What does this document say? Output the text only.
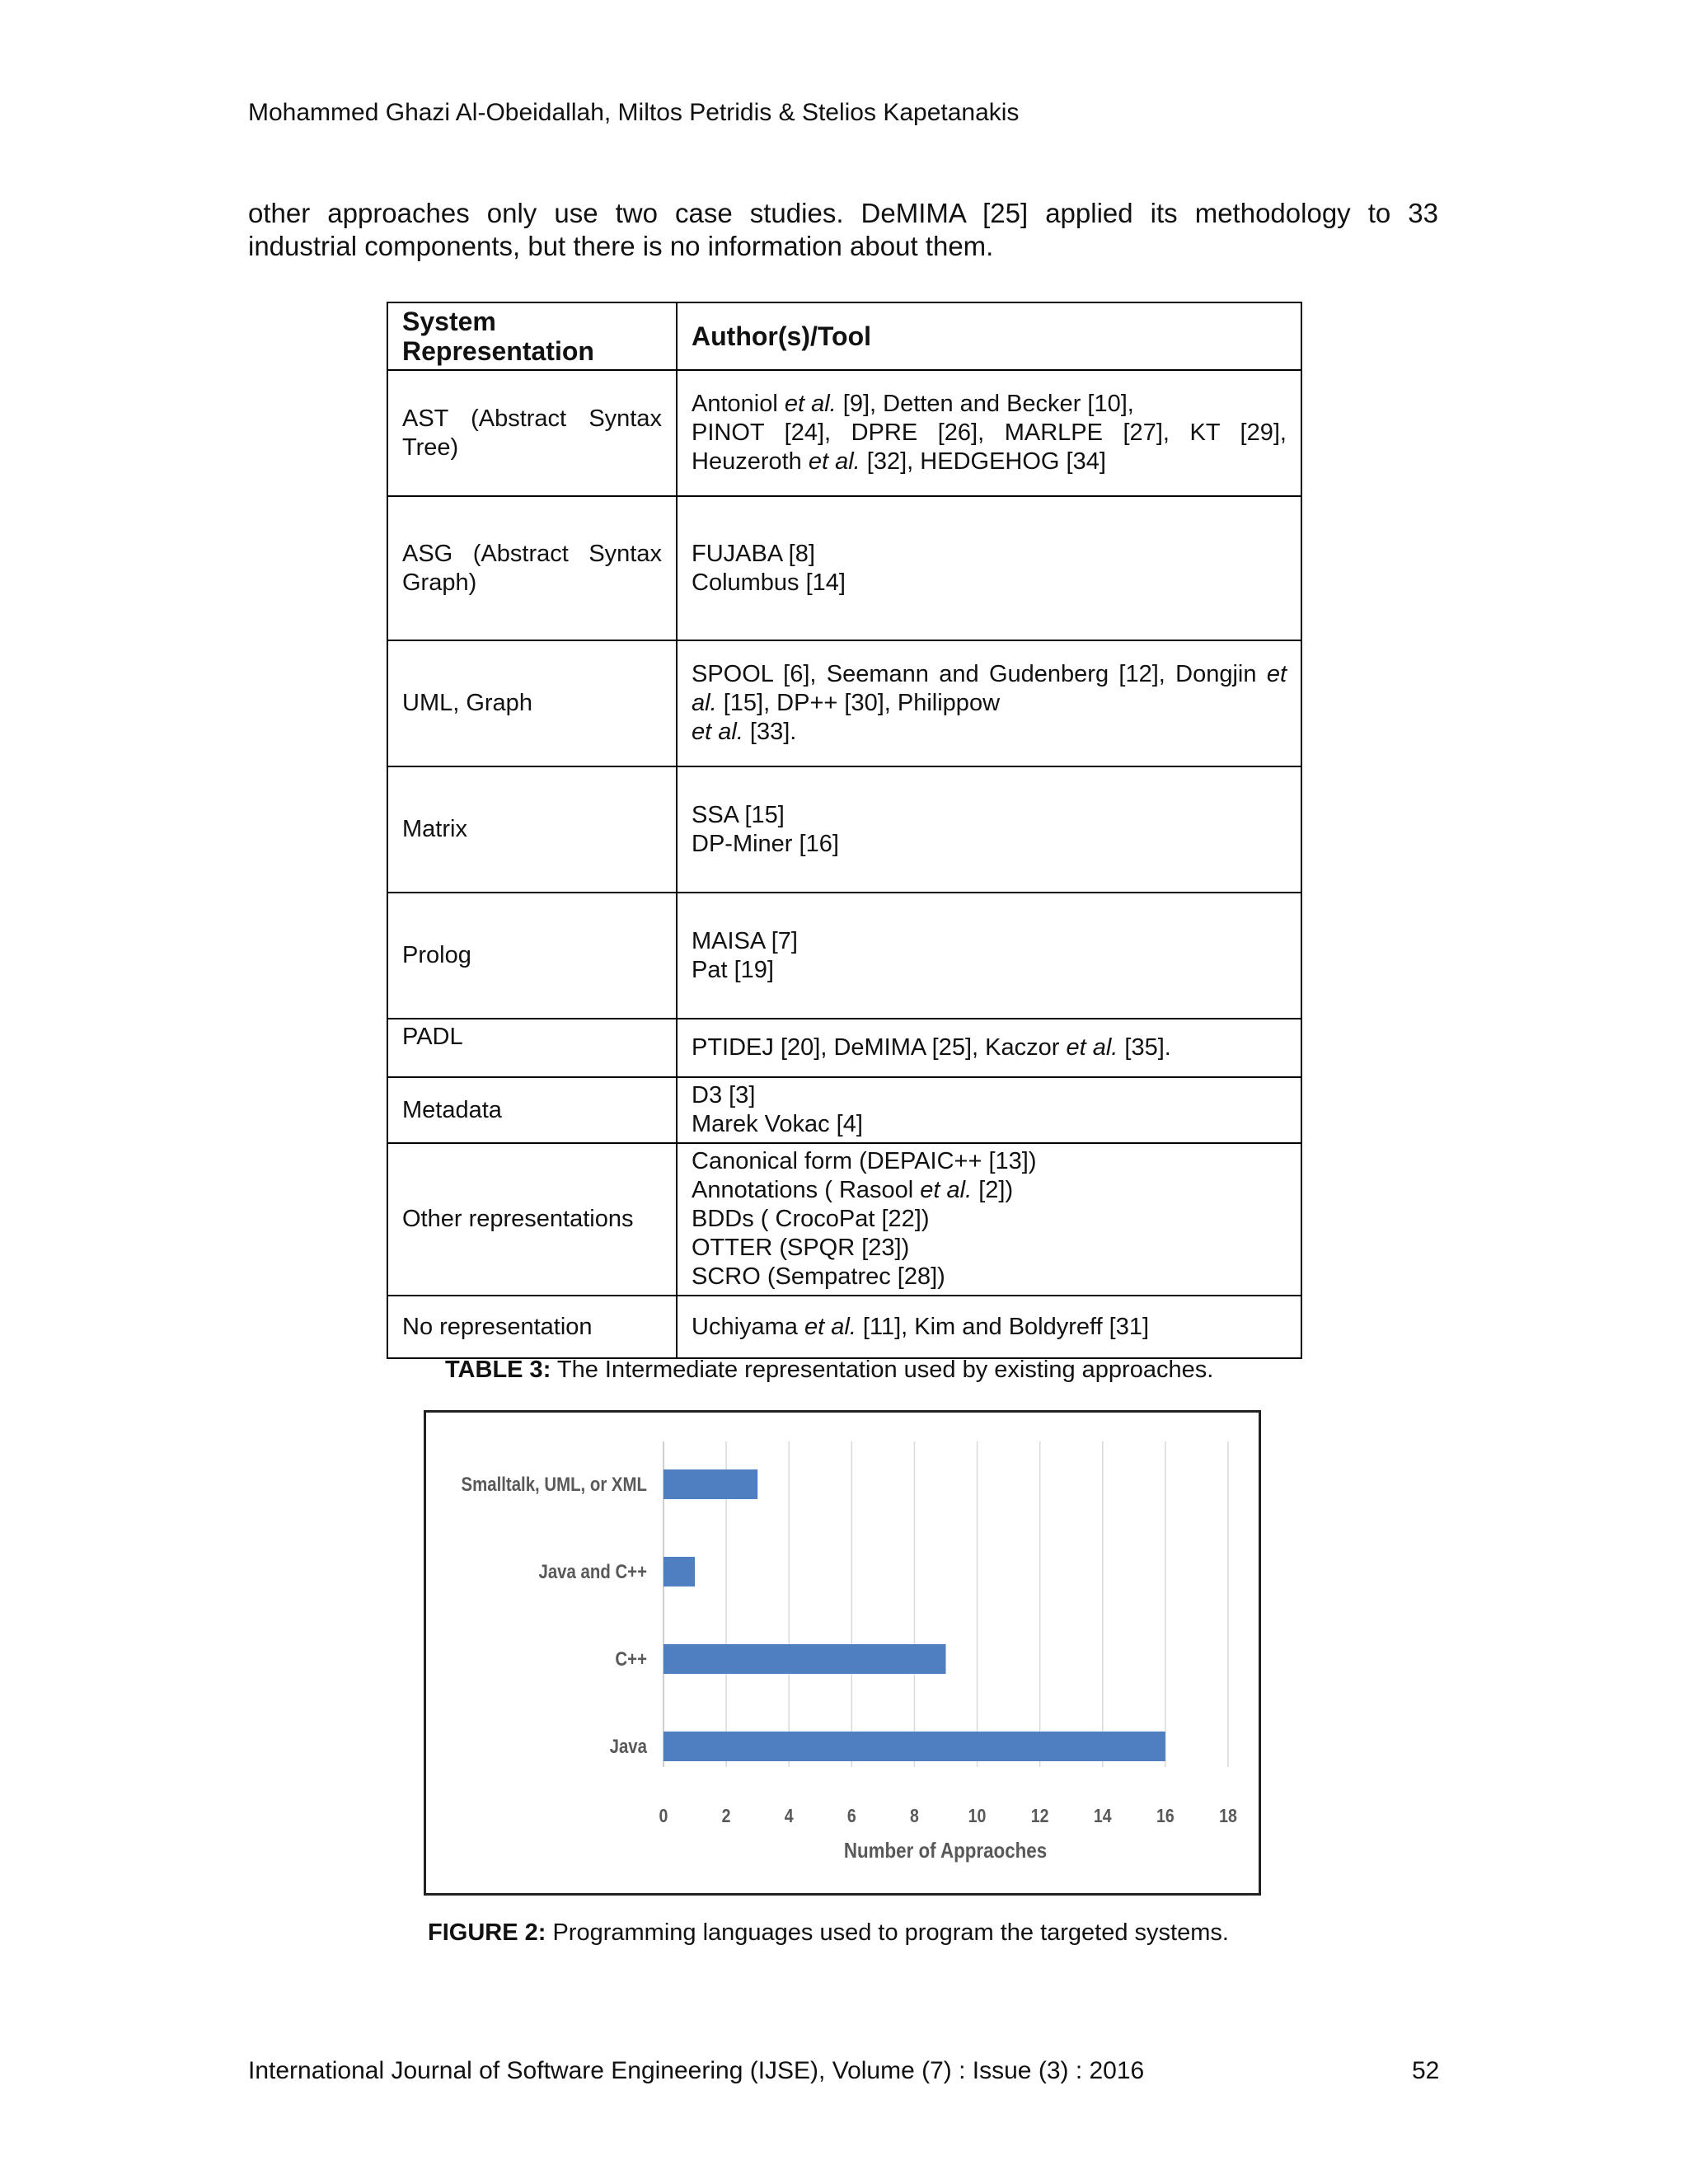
Mohammed Ghazi Al-Obeidallah, Miltos Petridis & Stelios Kapetanakis
other approaches only use two case studies. DeMIMA [25] applied its methodology to 33
industrial components, but there is no information about them.
System
Representation	Author(s)/Tool
AST (Abstract Syntax Tree)	Antoniol et al. [9], Detten and Becker [10],
PINOT [24], DPRE [26], MARLPE [27], KT [29],
Heuzeroth et al. [32], HEDGEHOG [34]

ASG (Abstract Syntax Graph)	FUJABA [8]
Columbus [14]

UML, Graph	SPOOL [6], Seemann and Gudenberg [12], Dongjin et
al. [15], DP++ [30], Philippow
et al. [33].

Matrix	SSA [15]
DP-Miner [16]

Prolog	MAISA [7]
Pat [19]

PADL	PTIDEJ [20], DeMIMA [25], Kaczor et al. [35].

Metadata	D3 [3]
Marek Vokac [4]

Other representations	Canonical form (DEPAIC++ [13])
Annotations ( Rasool et al. [2])
BDDs ( CrocoPat [22])
OTTER (SPQR [23])
SCRO (Sempatrec [28])

No representation	Uchiyama et al. [11], Kim and Boldyreff [31]
TABLE 3: The Intermediate representation used by existing approaches.
0	2	4	6	8	10 12 14 16 18
Smalltalk, UML, or XML
Java and C++
C++
Java
Number of Appraoches
FIGURE 2: Programming languages used to program the targeted systems.
International Journal of Software Engineering (IJSE), Volume (7) : Issue (3) : 2016	52
